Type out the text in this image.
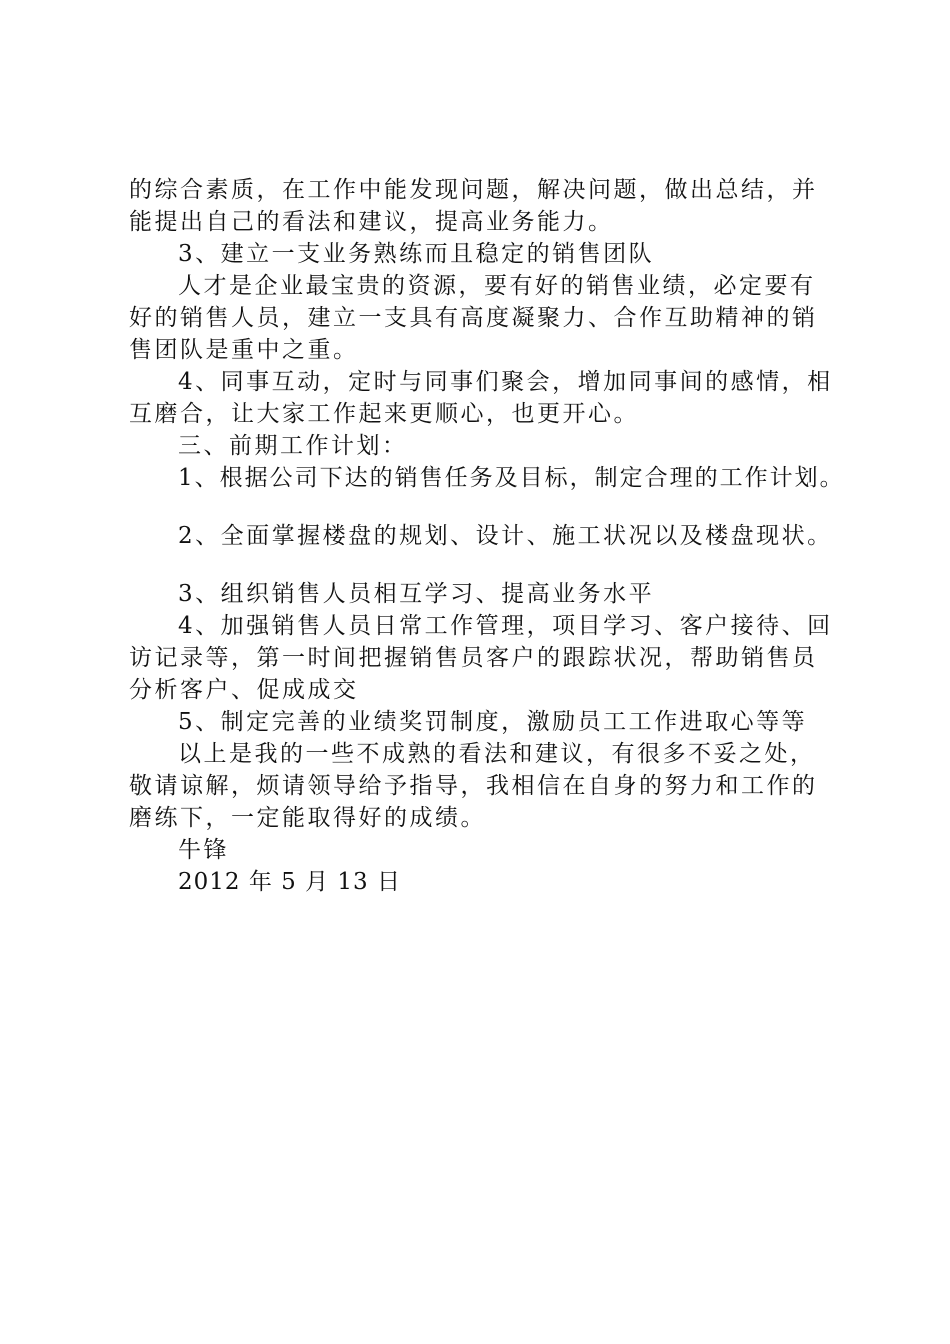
的综合素质，在工作中能发现问题，解决问题，做出总结，并
能提出自己的看法和建议，提高业务能力。

3、建立一支业务熟练而且稳定的销售团队

人才是企业最宝贵的资源，要有好的销售业绩，必定要有
好的销售人员，建立一支具有高度凝聚力、合作互助精神的销
售团队是重中之重。

4、同事互动，定时与同事们聚会，增加同事间的感情，相
互磨合，让大家工作起来更顺心，也更开心。

三、前期工作计划：

1、根据公司下达的销售任务及目标，制定合理的工作计划。

2、全面掌握楼盘的规划、设计、施工状况以及楼盘现状。

3、组织销售人员相互学习、提高业务水平

4、加强销售人员日常工作管理，项目学习、客户接待、回
访记录等，第一时间把握销售员客户的跟踪状况，帮助销售员
分析客户、促成成交

5、制定完善的业绩奖罚制度，激励员工工作进取心等等

以上是我的一些不成熟的看法和建议，有很多不妥之处，
敬请谅解，烦请领导给予指导，我相信在自身的努力和工作的
磨练下，一定能取得好的成绩。

牛锋

2012 年 5 月 13 日
